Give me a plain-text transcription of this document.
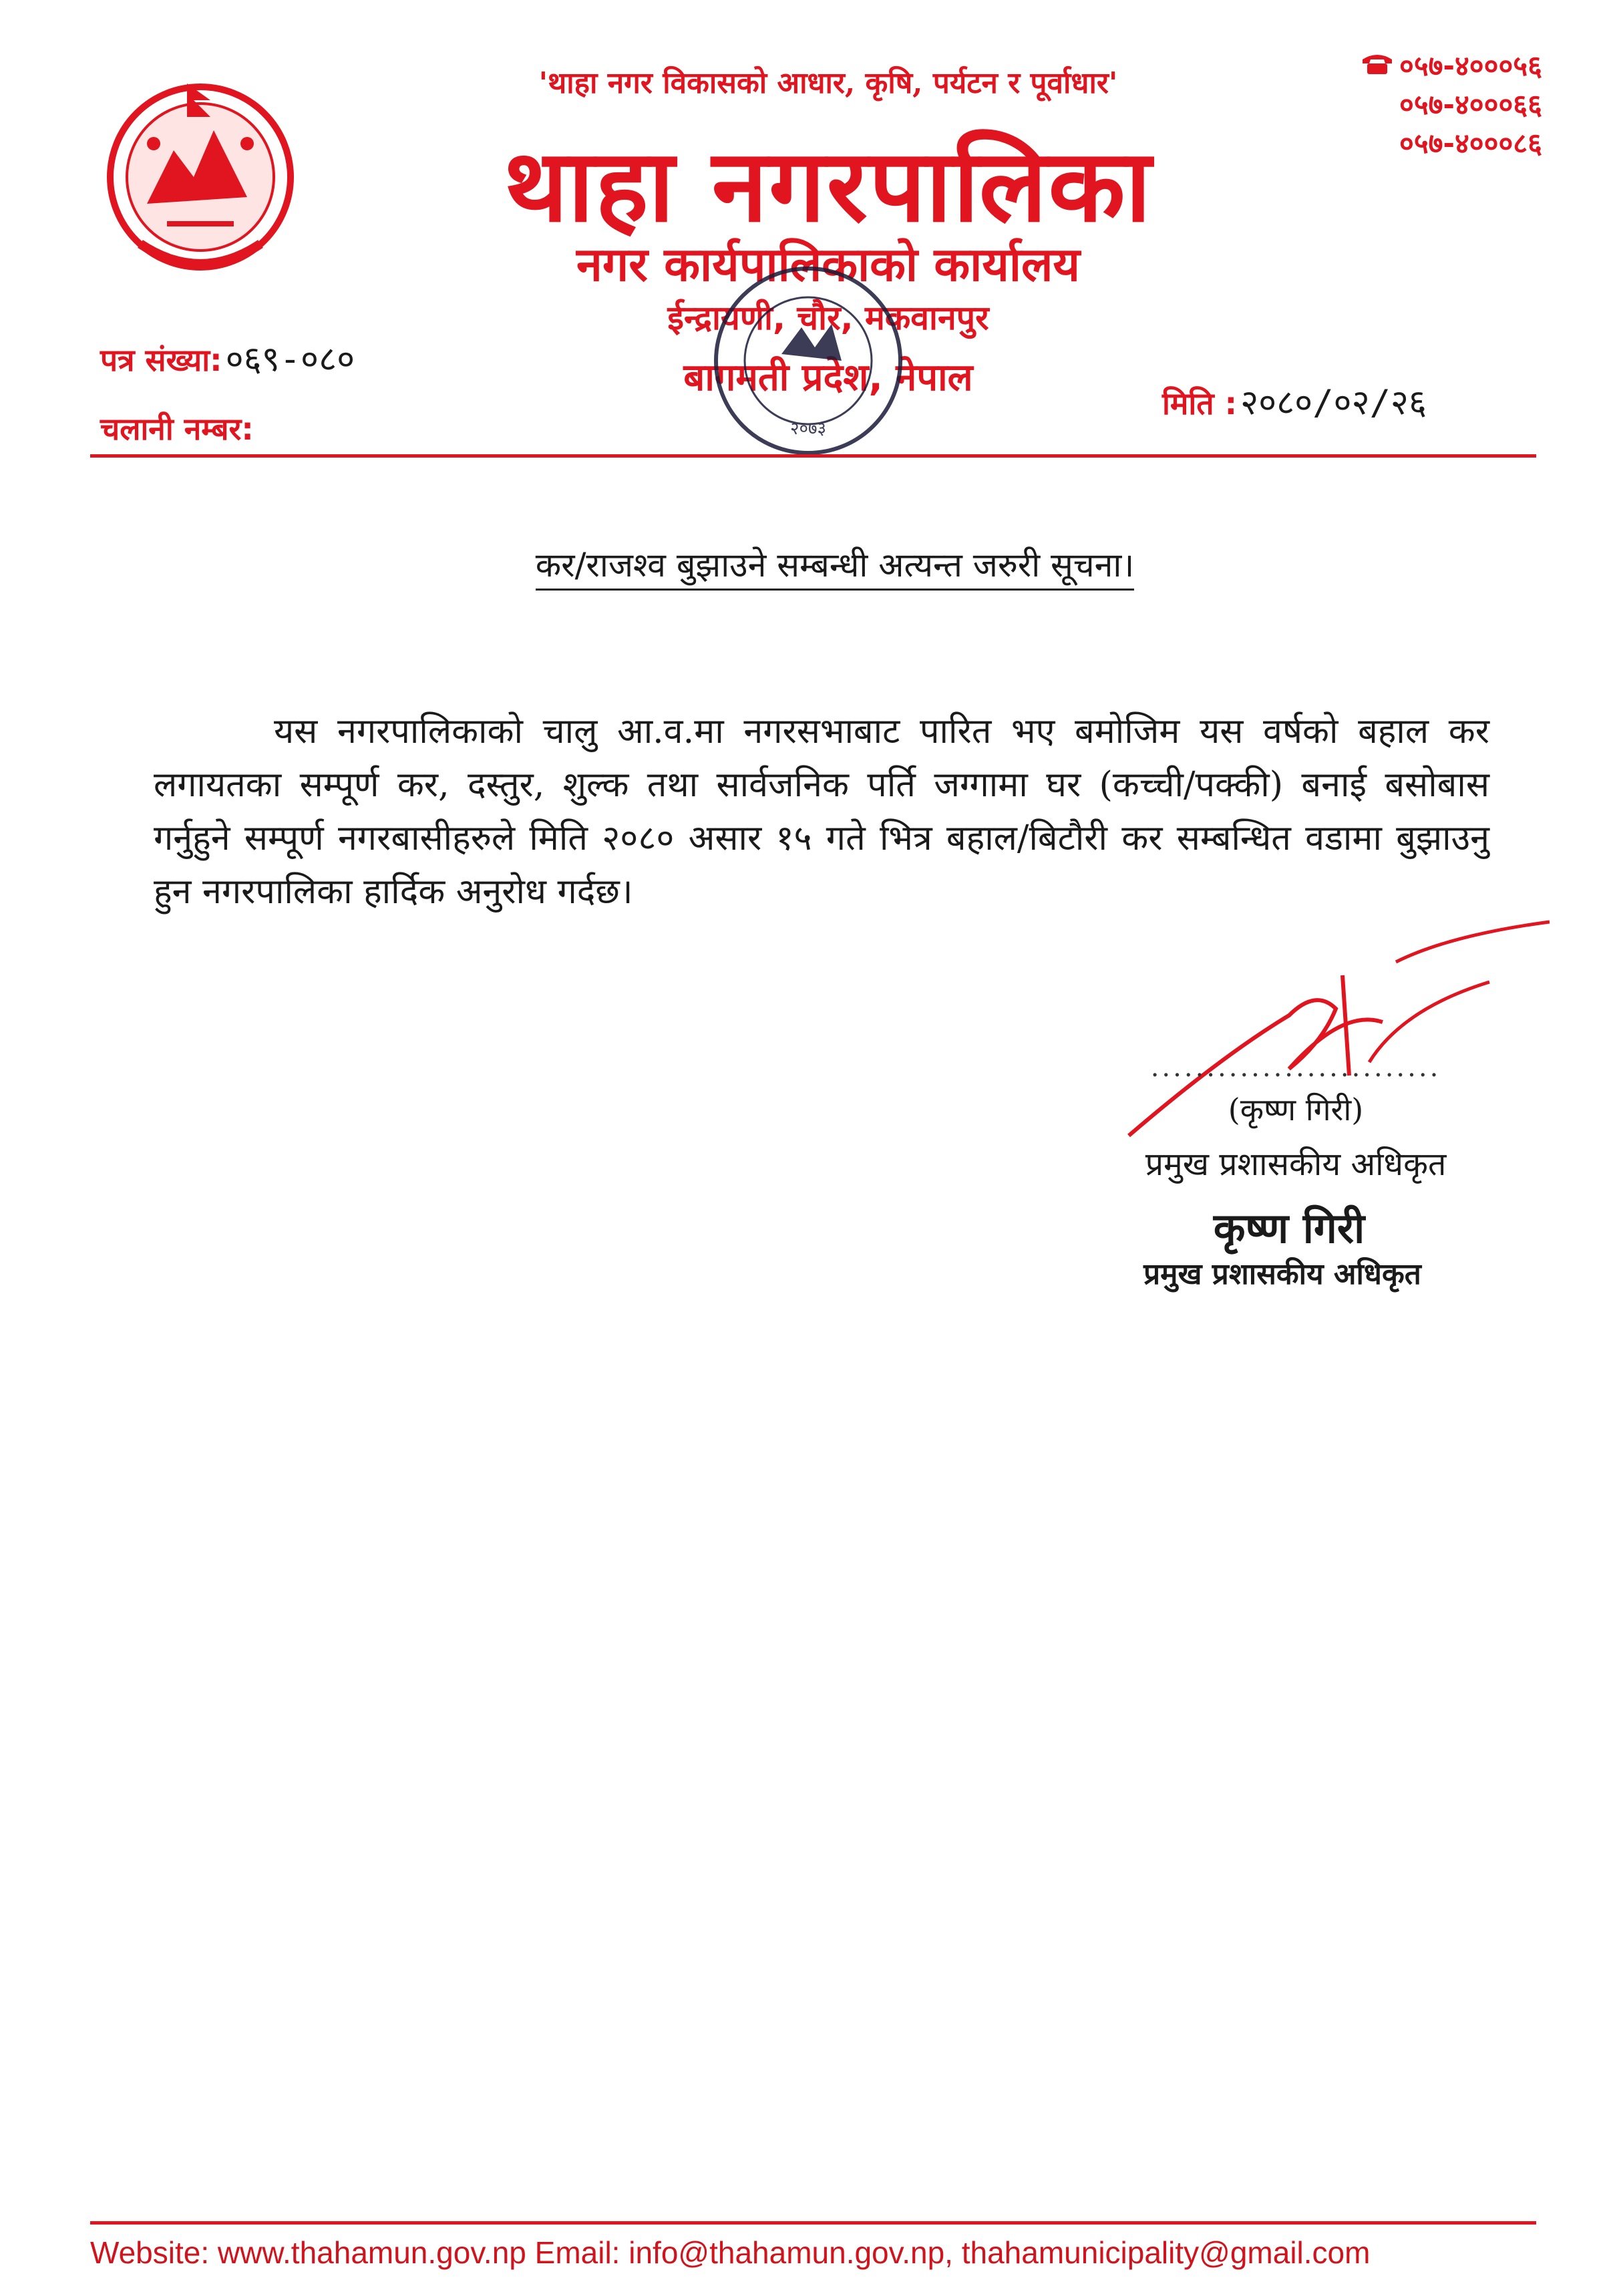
'थाहा नगर विकासको आधार, कृषि, पर्यटन र पूर्वाधार'
थाहा नगरपालिका
नगर कार्यपालिकाको कार्यालय
ईन्द्रायणी, चौर, मकवानपुर
बागमती प्रदेश, नेपाल
०५७-४०००५६
०५७-४०००६६
०५७-४०००८६
२०७३
पत्र संख्या: ०६९-०८०
चलानी नम्बर:
मिति : २०८०/०२/२६
कर/राजश्व बुझाउने सम्बन्धी अत्यन्त जरुरी सूचना।
यस नगरपालिकाको चालु आ.व.मा नगरसभाबाट पारित भए बमोजिम यस वर्षको बहाल कर लगायतका सम्पूर्ण कर, दस्तुर, शुल्क तथा सार्वजनिक पर्ति जग्गामा घर (कच्ची/पक्की) बनाई बसोबास गर्नुहुने सम्पूर्ण नगरबासीहरुले मिति २०८० असार १५ गते भित्र बहाल/बिटौरी कर सम्बन्धित वडामा बुझाउनु हुन नगरपालिका हार्दिक अनुरोध गर्दछ।
..........................
(कृष्ण गिरी)
प्रमुख प्रशासकीय अधिकृत
कृष्ण गिरी
प्रमुख प्रशासकीय अधिकृत
Website: www.thahamun.gov.np Email: info@thahamun.gov.np, thahamunicipality@gmail.com
